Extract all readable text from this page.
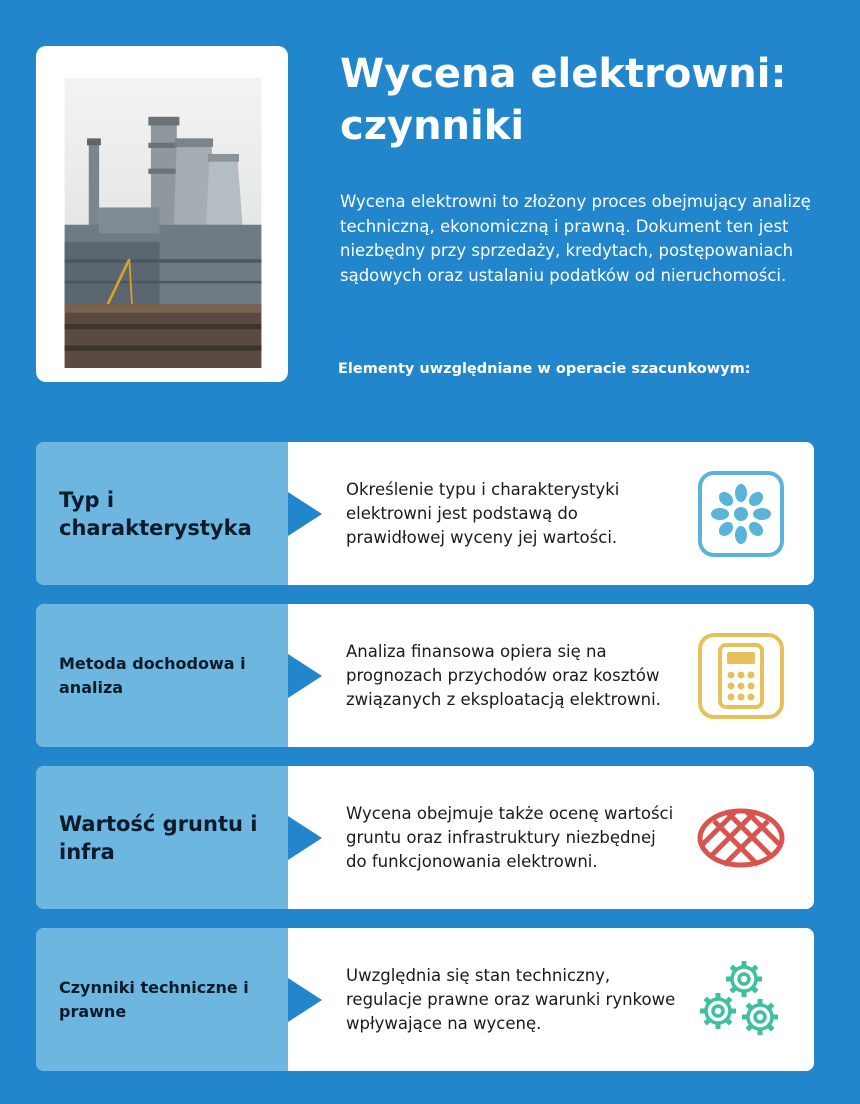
Wycena elektrowni:
czynniki

Wycena elektrowni to złożony proces obejmujący analizę techniczną, ekonomiczną i prawną. Dokument ten jest niezbędny przy sprzedaży, kredytach, postępowaniach sądowych oraz ustalaniu podatków od nieruchomości.

Elementy uwzględniane w operacie szacunkowym:

Typ i charakterystyka

Określenie typu i charakterystyki elektrowni jest podstawą do prawidłowej wyceny jej wartości.

Metoda dochodowa i analiza

Analiza finansowa opiera się na prognozach przychodów oraz kosztów związanych z eksploatacją elektrowni.

Wartość gruntu i infra

Wycena obejmuje także ocenę wartości gruntu oraz infrastruktury niezbędnej do funkcjonowania elektrowni.

Czynniki techniczne i prawne

Uwzględnia się stan techniczny, regulacje prawne oraz warunki rynkowe wpływające na wycenę.
